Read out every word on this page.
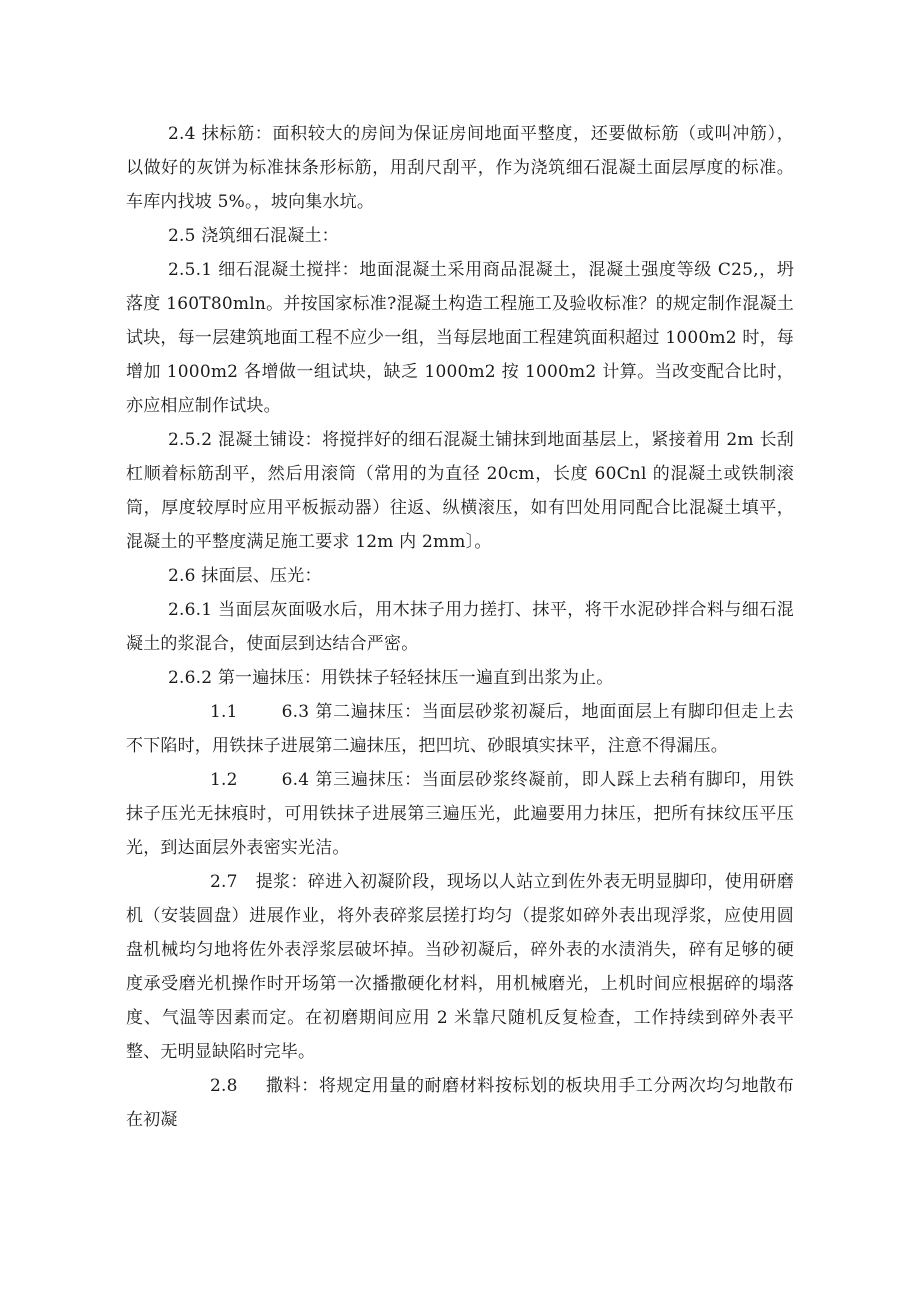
2.4 抹标筋：面积较大的房间为保证房间地面平整度，还要做标筋（或叫冲筋），以做好的灰饼为标准抹条形标筋，用刮尺刮平，作为浇筑细石混凝土面层厚度的标准。车库内找坡 5%。，坡向集水坑。

2.5 浇筑细石混凝土：

2.5.1 细石混凝土搅拌：地面混凝土采用商品混凝土，混凝土强度等级 C25,，坍落度 160T80mln。并按国家标准?混凝土构造工程施工及验收标准？的规定制作混凝土试块，每一层建筑地面工程不应少一组，当每层地面工程建筑面积超过 1000m2 时，每增加 1000m2 各增做一组试块，缺乏 1000m2 按 1000m2 计算。当改变配合比时，亦应相应制作试块。

2.5.2 混凝土铺设：将搅拌好的细石混凝土铺抹到地面基层上，紧接着用 2m 长刮杠顺着标筋刮平，然后用滚筒（常用的为直径 20cm，长度 60Cnl 的混凝土或铁制滚筒，厚度较厚时应用平板振动器）往返、纵横滚压，如有凹处用同配合比混凝土填平，混凝土的平整度满足施工要求 12m 内 2mm〕。

2.6 抹面层、压光：

2.6.1 当面层灰面吸水后，用木抹子用力搓打、抹平，将干水泥砂拌合料与细石混凝土的浆混合，使面层到达结合严密。

2.6.2 第一遍抹压：用铁抹子轻轻抹压一遍直到出浆为止。

1.1	6.3 第二遍抹压：当面层砂浆初凝后，地面面层上有脚印但走上去不下陷时，用铁抹子进展第二遍抹压，把凹坑、砂眼填实抹平，注意不得漏压。

1.2	6.4 第三遍抹压：当面层砂浆终凝前，即人踩上去稍有脚印，用铁抹子压光无抹痕时，可用铁抹子进展第三遍压光，此遍要用力抹压，把所有抹纹压平压光，到达面层外表密实光洁。

2.7 提浆：碎进入初凝阶段，现场以人站立到佐外表无明显脚印，使用研磨机（安装圆盘）进展作业，将外表碎浆层搓打均匀（提浆如碎外表出现浮浆，应使用圆盘机械均匀地将佐外表浮浆层破坏掉。当砂初凝后，碎外表的水渍消失，碎有足够的硬度承受磨光机操作时开场第一次播撒硬化材料，用机械磨光，上机时间应根据碎的塌落度、气温等因素而定。在初磨期间应用 2 米靠尺随机反复检查，工作持续到碎外表平整、无明显缺陷时完毕。

2.8 撒料：将规定用量的耐磨材料按标划的板块用手工分两次均匀地散布在初凝
